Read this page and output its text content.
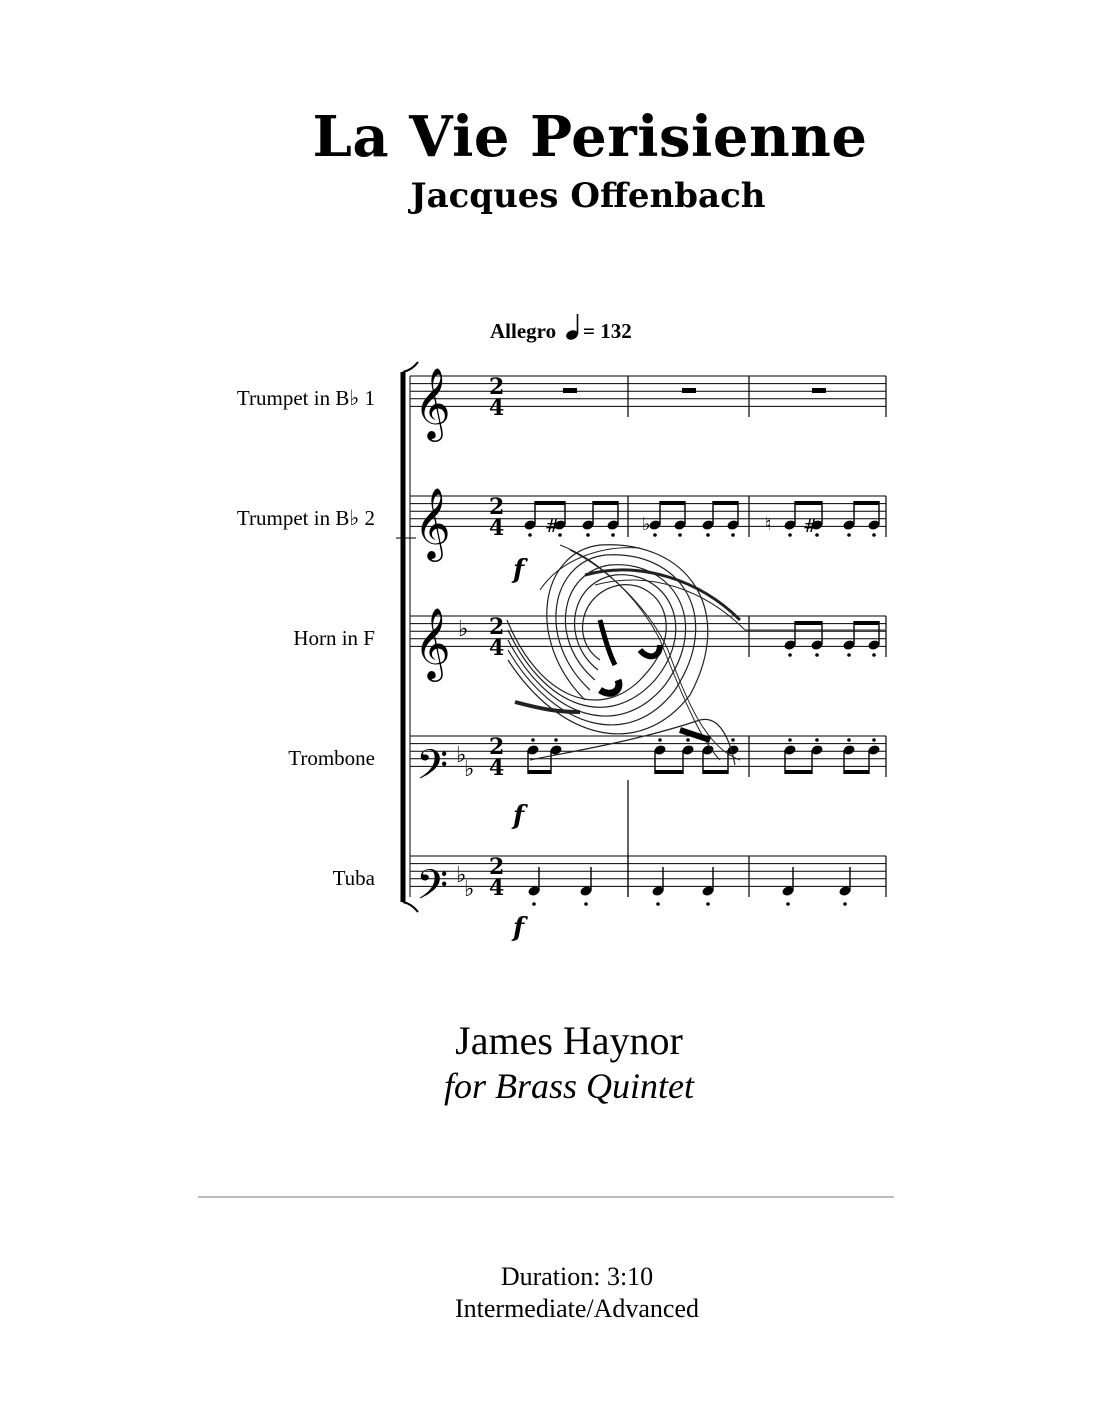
La Vie Perisienne
Jacques Offenbach
Allegro = 132
Trumpet in B♭ 1
Trumpet in B♭ 2
Horn in F
Trombone
Tuba
𝄞
𝄞
𝄞
𝄢
𝄢
♭
♭
♭
♭
♭
2
4
2
4
2
4
2
4
2
4
#	♭	♮ #
f
f
f
James Haynor
for Brass Quintet
Duration: 3:10
Intermediate/Advanced
